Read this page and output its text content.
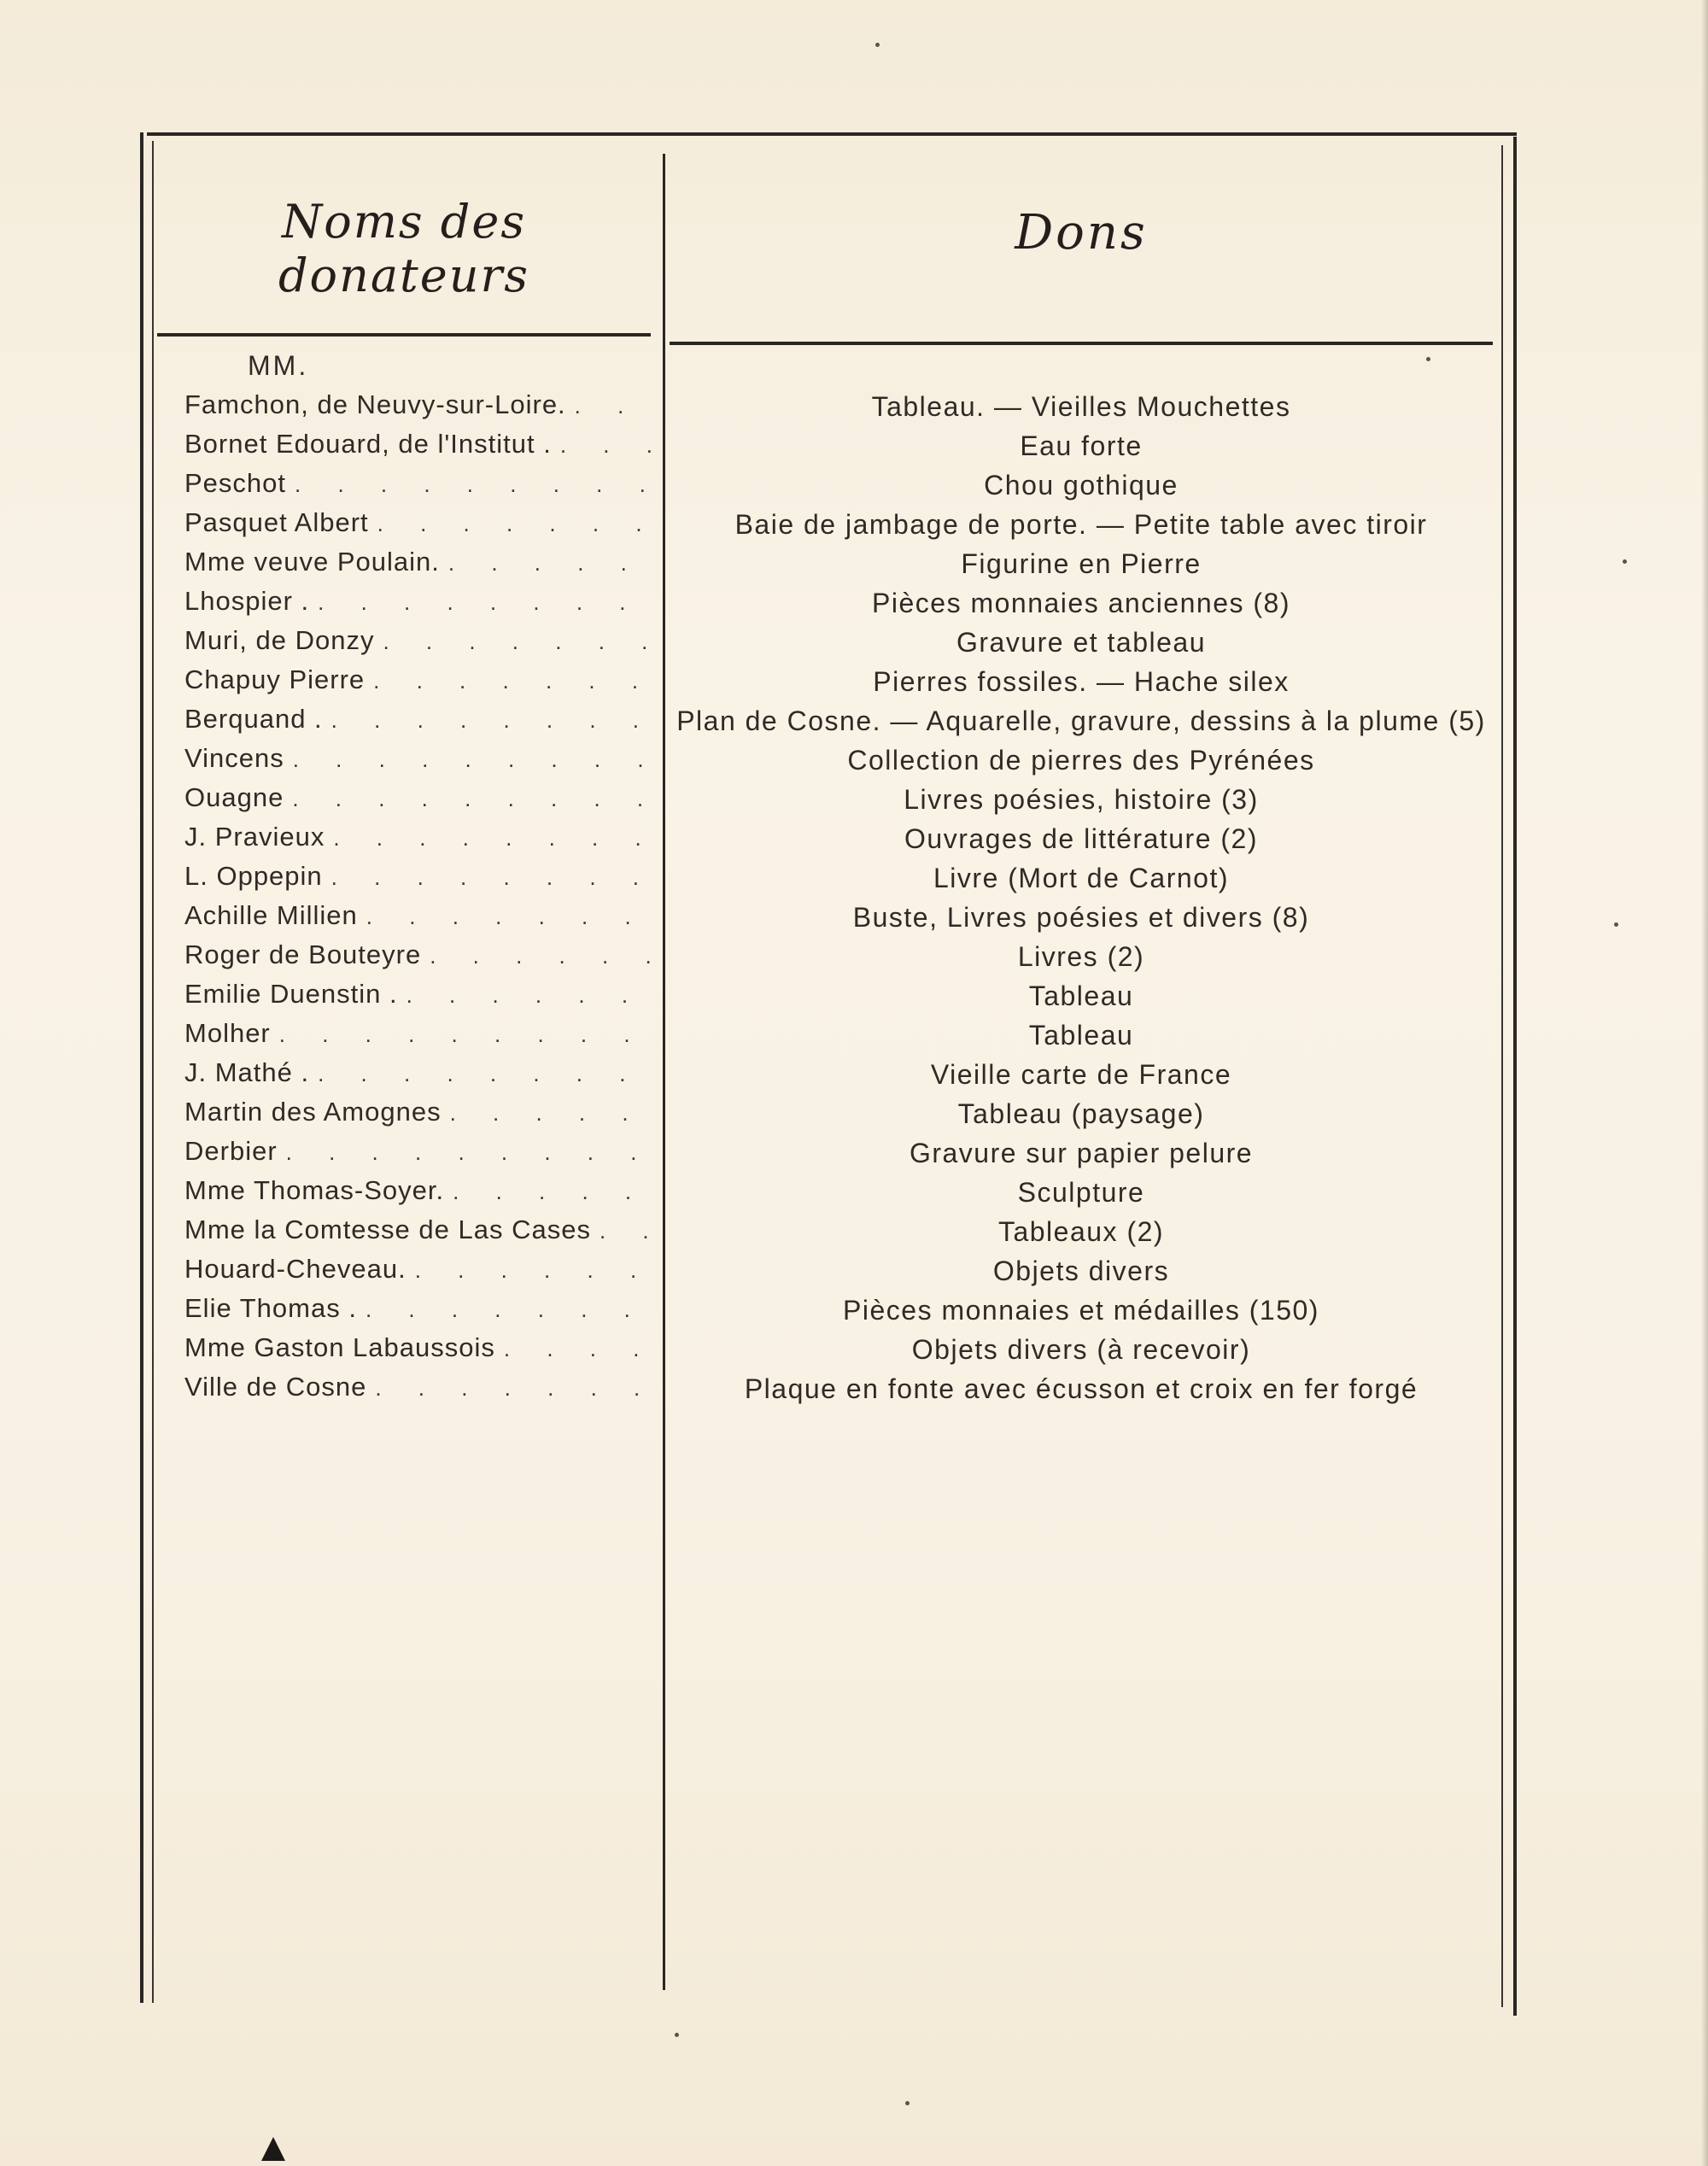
Noms des donateurs
Dons
MM.
Famchon, de Neuvy-sur-Loire.
. . .
Bornet Edouard, de l'Institut .
. . .
Peschot
. . .
Pasquet Albert
. . .
Mme veuve Poulain.
. . .
Lhospier .
. . .
Muri, de Donzy
. . .
Chapuy Pierre
. . .
Berquand .
. . .
Vincens
. . .
Ouagne
. . .
J. Pravieux
. . .
L. Oppepin
. . .
Achille Millien
. . .
Roger de Bouteyre
. . .
Emilie Duenstin .
. . .
Molher
. . .
J. Mathé .
. . .
Martin des Amognes
. . .
Derbier
. . .
Mme Thomas-Soyer.
. . .
Mme la Comtesse de Las Cases
. . .
Houard-Cheveau.
. . .
Elie Thomas .
. . .
Mme Gaston Labaussois
. . .
Ville de Cosne
. . .
Tableau. — Vieilles Mouchettes
Eau forte
Chou gothique
Baie de jambage de porte. — Petite table avec tiroir
Figurine en Pierre
Pièces monnaies anciennes (8)
Gravure et tableau
Pierres fossiles. — Hache silex
Plan de Cosne. — Aquarelle, gravure, dessins à la plume (5)
Collection de pierres des Pyrénées
Livres poésies, histoire (3)
Ouvrages de littérature (2)
Livre (Mort de Carnot)
Buste, Livres poésies et divers (8)
Livres (2)
Tableau
Tableau
Vieille carte de France
Tableau (paysage)
Gravure sur papier pelure
Sculpture
Tableaux (2)
Objets divers
Pièces monnaies et médailles (150)
Objets divers (à recevoir)
Plaque en fonte avec écusson et croix en fer forgé
